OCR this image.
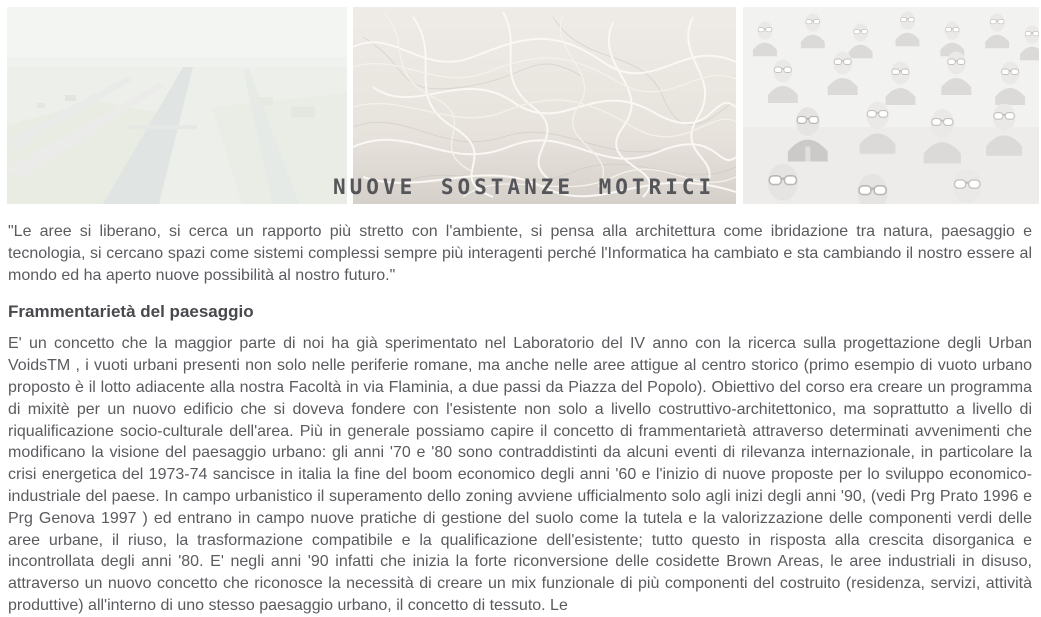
NUOVE SOSTANZE MOTRICI

"Le aree si liberano, si cerca un rapporto più stretto con l'ambiente, si pensa alla architettura come ibridazione tra natura, paesaggio e tecnologia, si cercano spazi come sistemi complessi sempre più interagenti perché l'Informatica ha cambiato e sta cambiando il nostro essere al mondo ed ha aperto nuove possibilità al nostro futuro."

Frammentarietà del paesaggio

E' un concetto che la maggior parte di noi ha già sperimentato nel Laboratorio del IV anno con la ricerca sulla progettazione degli Urban VoidsTM , i vuoti urbani presenti non solo nelle periferie romane, ma anche nelle aree attigue al centro storico (primo esempio di vuoto urbano proposto è il lotto adiacente alla nostra Facoltà in via Flaminia, a due passi da Piazza del Popolo). Obiettivo del corso era creare un programma di mixitè per un nuovo edificio che si doveva fondere con l'esistente non solo a livello costruttivo-architettonico, ma soprattutto a livello di riqualificazione socio-culturale dell'area. Più in generale possiamo capire il concetto di frammentarietà attraverso determinati avvenimenti che modificano la visione del paesaggio urbano: gli anni '70 e '80 sono contraddistinti da alcuni eventi di rilevanza internazionale, in particolare la crisi energetica del 1973-74 sancisce in italia la fine del boom economico degli anni '60 e l'inizio di nuove proposte per lo sviluppo economico-industriale del paese. In campo urbanistico il superamento dello zoning avviene ufficialmento solo agli inizi degli anni '90, (vedi Prg Prato 1996 e Prg Genova 1997 ) ed entrano in campo nuove pratiche di gestione del suolo come la tutela e la valorizzazione delle componenti verdi delle aree urbane, il riuso, la trasformazione compatibile e la qualificazione dell'esistente; tutto questo in risposta alla crescita disorganica e incontrollata degli anni '80. E' negli anni '90 infatti che inizia la forte riconversione delle cosidette Brown Areas, le aree industriali in disuso, attraverso un nuovo concetto che riconosce la necessità di creare un mix funzionale di più componenti del costruito (residenza, servizi, attività produttive) all'interno di uno stesso paesaggio urbano, il concetto di tessuto. Le
